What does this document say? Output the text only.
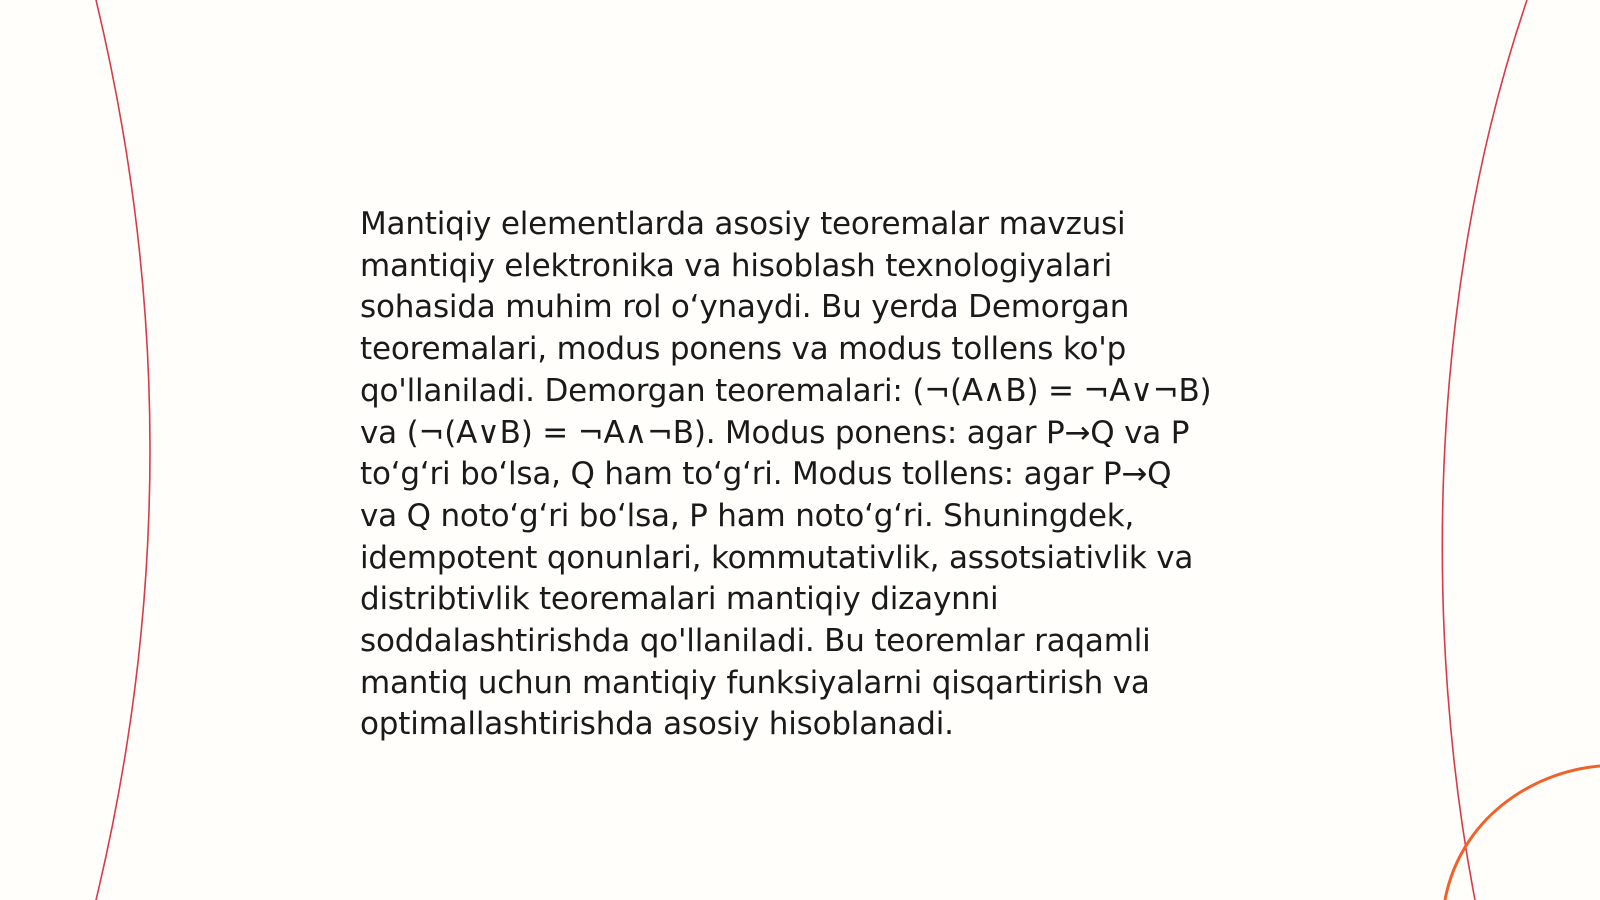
Mantiqiy elementlarda asosiy teoremalar mavzusi
mantiqiy elektronika va hisoblash texnologiyalari
sohasida muhim rol oʻynaydi. Bu yerda Demorgan
teoremalari, modus ponens va modus tollens ko'p
qo'llaniladi. Demorgan teoremalari: (¬(A∧B) = ¬A∨¬B)
va (¬(A∨B) = ¬A∧¬B). Modus ponens: agar P→Q va P
toʻgʻri boʻlsa, Q ham toʻgʻri. Modus tollens: agar P→Q
va Q notoʻgʻri boʻlsa, P ham notoʻgʻri. Shuningdek,
idempotent qonunlari, kommutativlik, assotsiativlik va
distribtivlik teoremalari mantiqiy dizaynni
soddalashtirishda qo'llaniladi. Bu teoremlar raqamli
mantiq uchun mantiqiy funksiyalarni qisqartirish va
optimallashtirishda asosiy hisoblanadi.
